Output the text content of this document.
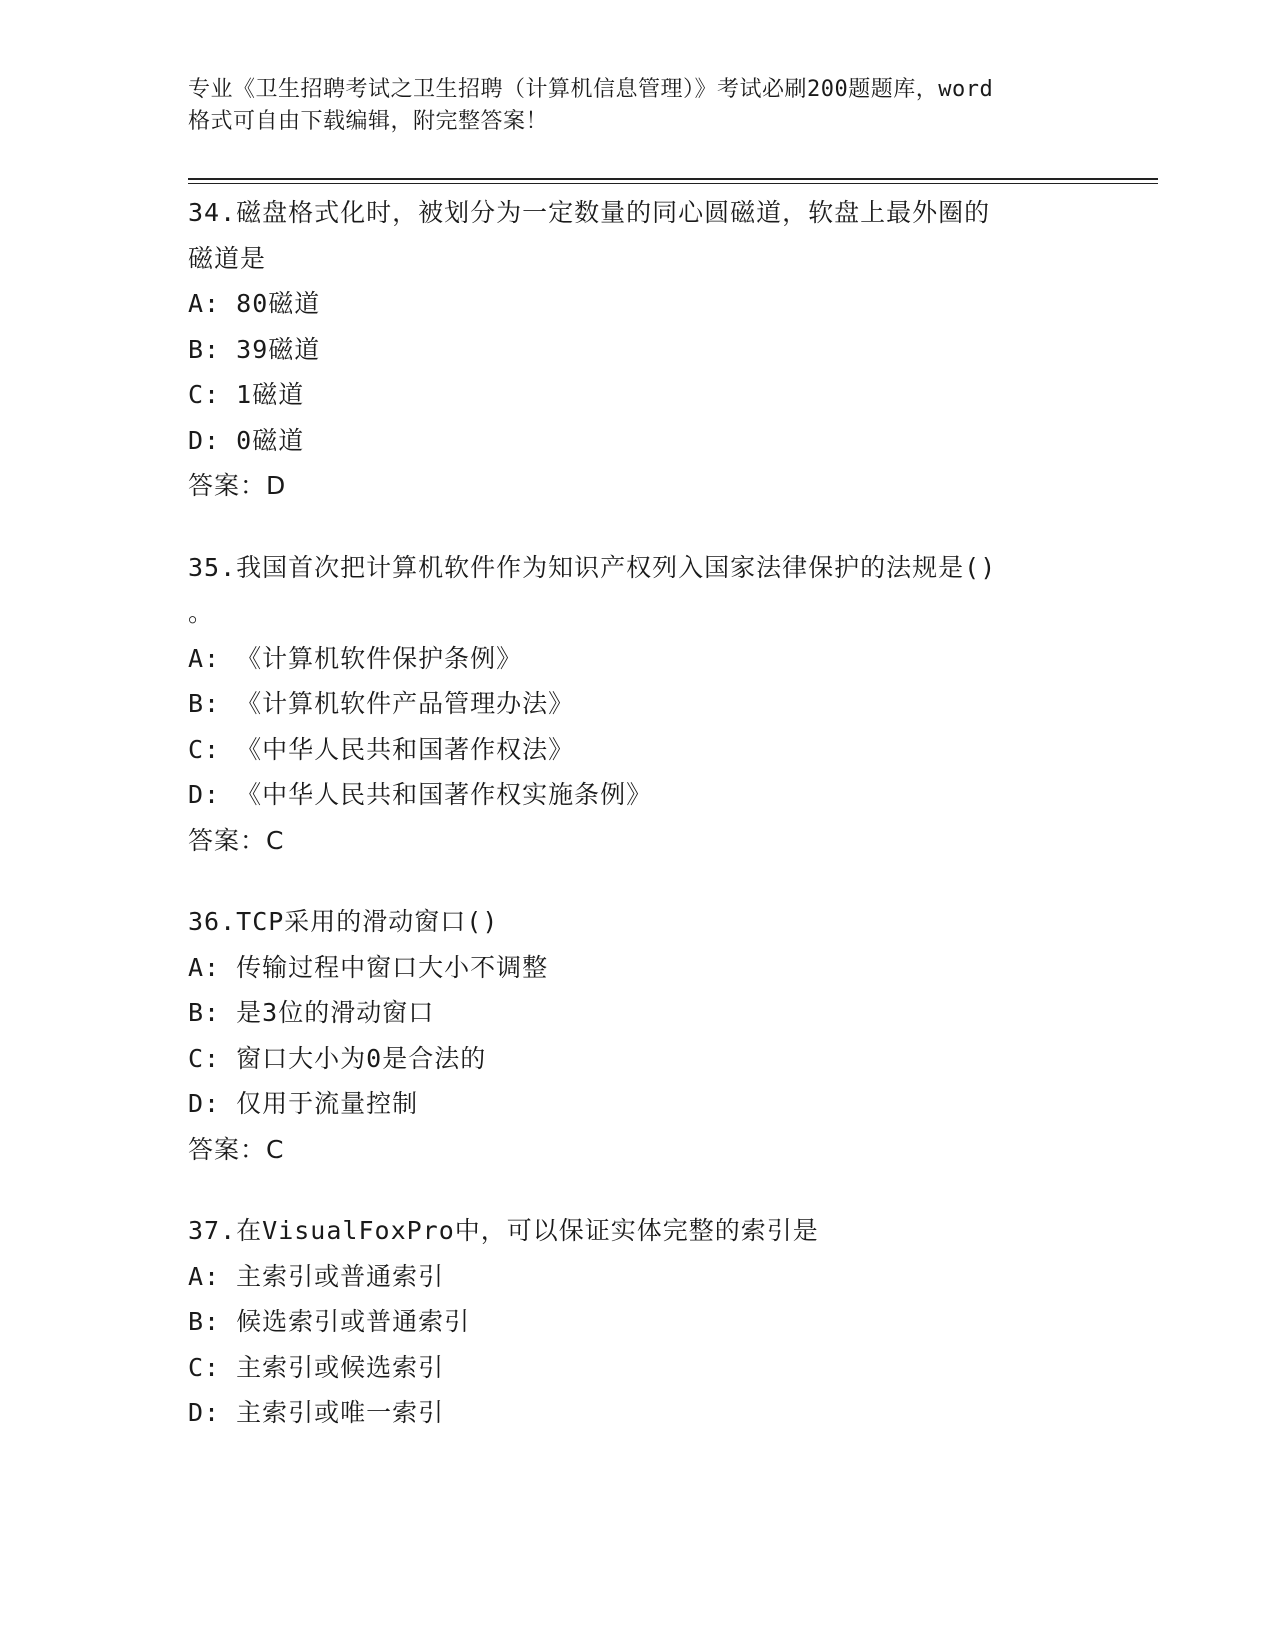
专业《卫生招聘考试之卫生招聘（计算机信息管理）》考试必刷200题题库，word
格式可自由下载编辑，附完整答案！
34.磁盘格式化时，被划分为一定数量的同心圆磁道，软盘上最外圈的
磁道是
A: 80磁道
B: 39磁道
C: 1磁道
D: 0磁道
答案：D
35.我国首次把计算机软件作为知识产权列入国家法律保护的法规是()
。
A: 《计算机软件保护条例》
B: 《计算机软件产品管理办法》
C: 《中华人民共和国著作权法》
D: 《中华人民共和国著作权实施条例》
答案：C
36.TCP采用的滑动窗口()
A: 传输过程中窗口大小不调整
B: 是3位的滑动窗口
C: 窗口大小为0是合法的
D: 仅用于流量控制
答案：C
37.在VisualFoxPro中，可以保证实体完整的索引是
A: 主索引或普通索引
B: 候选索引或普通索引
C: 主索引或候选索引
D: 主索引或唯一索引
